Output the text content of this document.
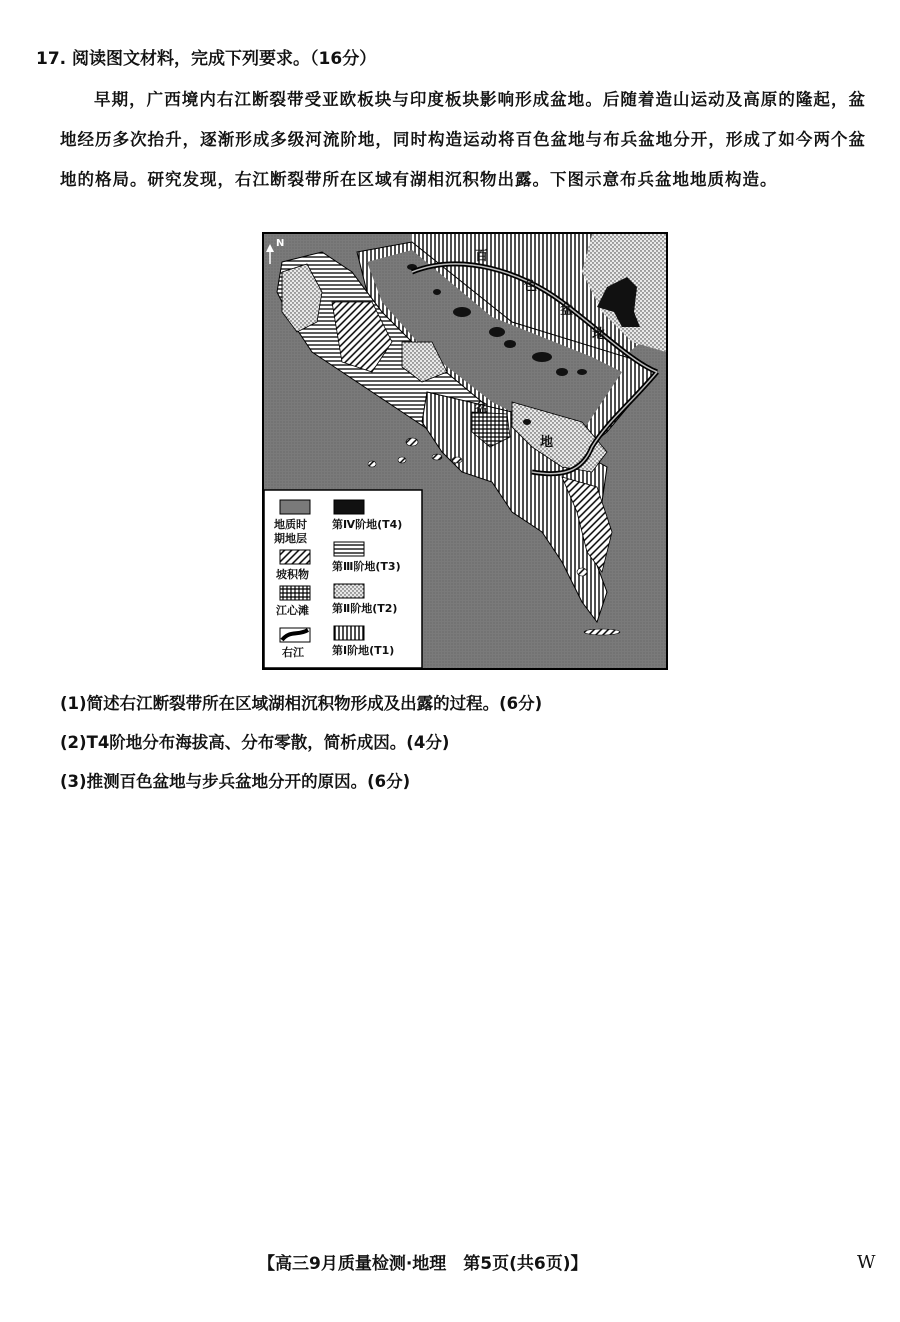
17. 阅读图文材料，完成下列要求。（16分）
早期，广西境内右江断裂带受亚欧板块与印度板块影响形成盆地。后随着造山运动及高原的隆起，盆地经历多次抬升，逐渐形成多级河流阶地，同时构造运动将百色盆地与布兵盆地分开，形成了如今两个盆地的格局。研究发现，右江断裂带所在区域有湖相沉积物出露。下图示意布兵盆地地质构造。
N
百
色
盆
地
盆
地
地质时
期地层
坡积物
江心滩
右江
第Ⅳ阶地(T4)
第Ⅲ阶地(T3)
第Ⅱ阶地(T2)
第Ⅰ阶地(T1)
(1)简述右江断裂带所在区域湖相沉积物形成及出露的过程。(6分)
(2)T4阶地分布海拔高、分布零散，简析成因。(4分)
(3)推测百色盆地与步兵盆地分开的原因。(6分)
【高三9月质量检测·地理　第5页(共6页)】	W
